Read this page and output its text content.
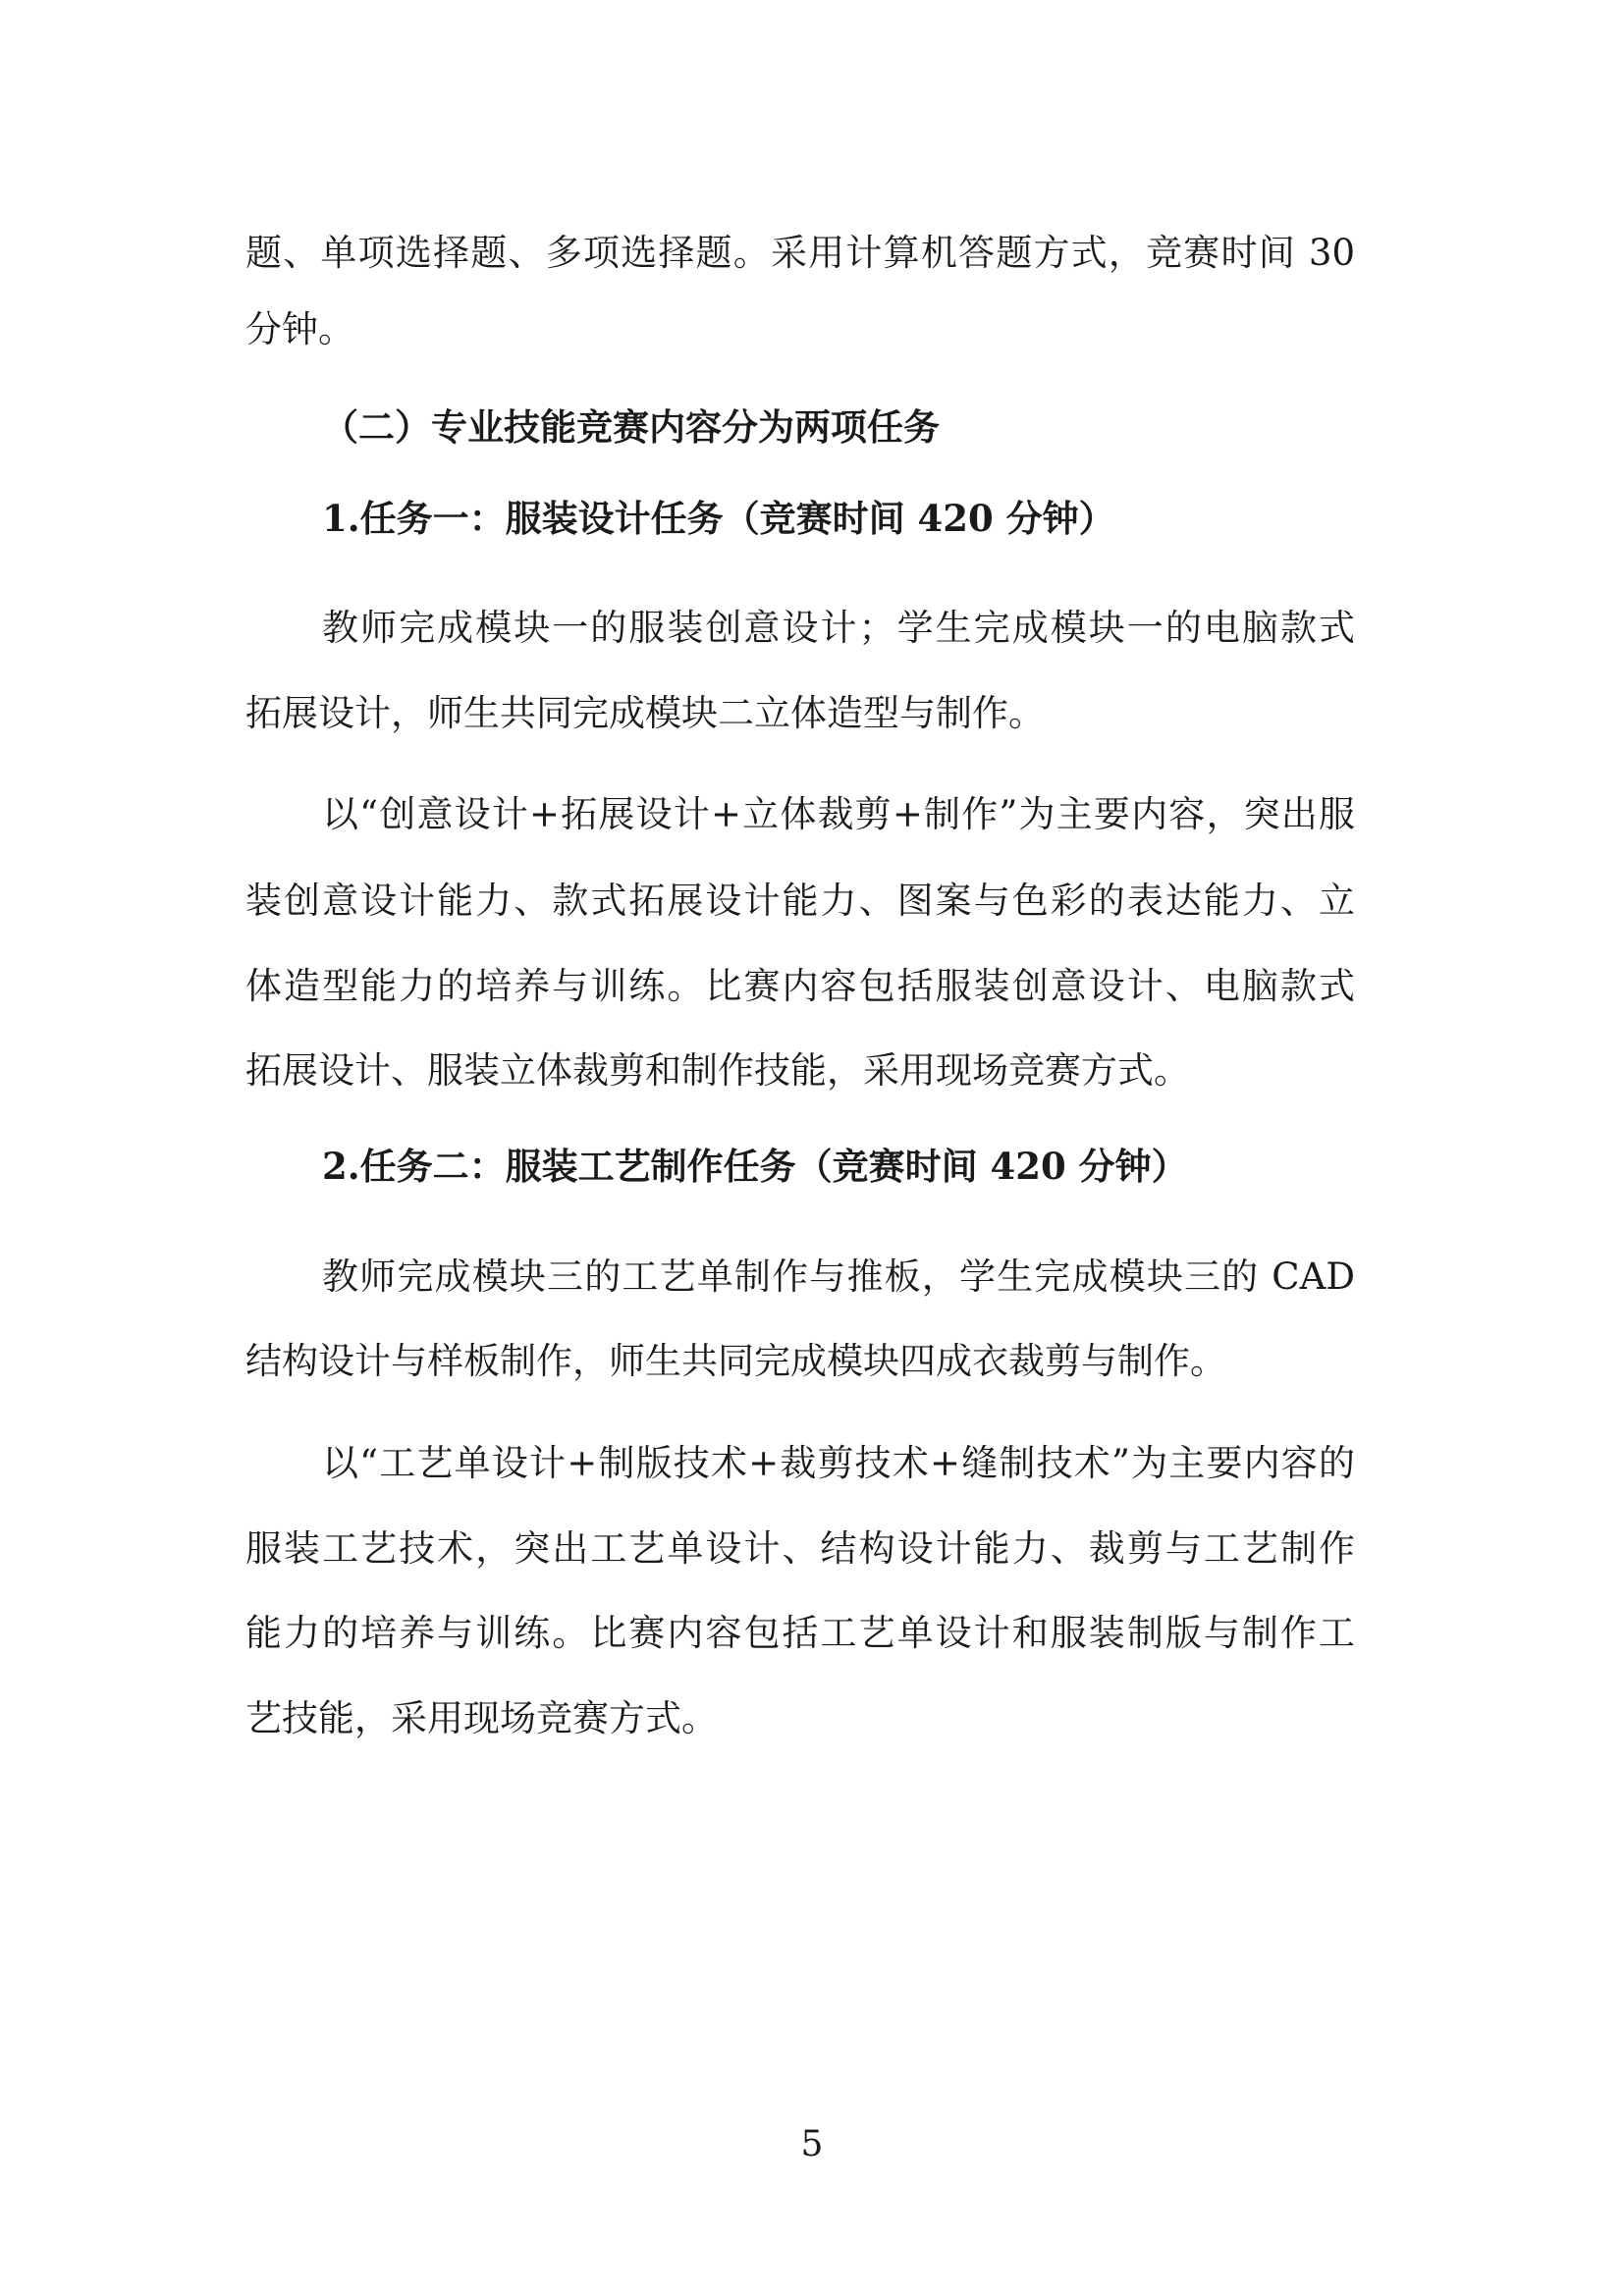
题、单项选择题、多项选择题。采用计算机答题方式，竞赛时间 30
分钟。
（二）专业技能竞赛内容分为两项任务
1.任务一：服装设计任务（竞赛时间 420 分钟）
教师完成模块一的服装创意设计；学生完成模块一的电脑款式
拓展设计，师生共同完成模块二立体造型与制作。
以“创意设计+拓展设计+立体裁剪+制作”为主要内容，突出服
装创意设计能力、款式拓展设计能力、图案与色彩的表达能力、立
体造型能力的培养与训练。比赛内容包括服装创意设计、电脑款式
拓展设计、服装立体裁剪和制作技能，采用现场竞赛方式。
2.任务二：服装工艺制作任务（竞赛时间 420 分钟）
教师完成模块三的工艺单制作与推板，学生完成模块三的 CAD
结构设计与样板制作，师生共同完成模块四成衣裁剪与制作。
以“工艺单设计+制版技术+裁剪技术+缝制技术”为主要内容的
服装工艺技术，突出工艺单设计、结构设计能力、裁剪与工艺制作
能力的培养与训练。比赛内容包括工艺单设计和服装制版与制作工
艺技能，采用现场竞赛方式。
5
